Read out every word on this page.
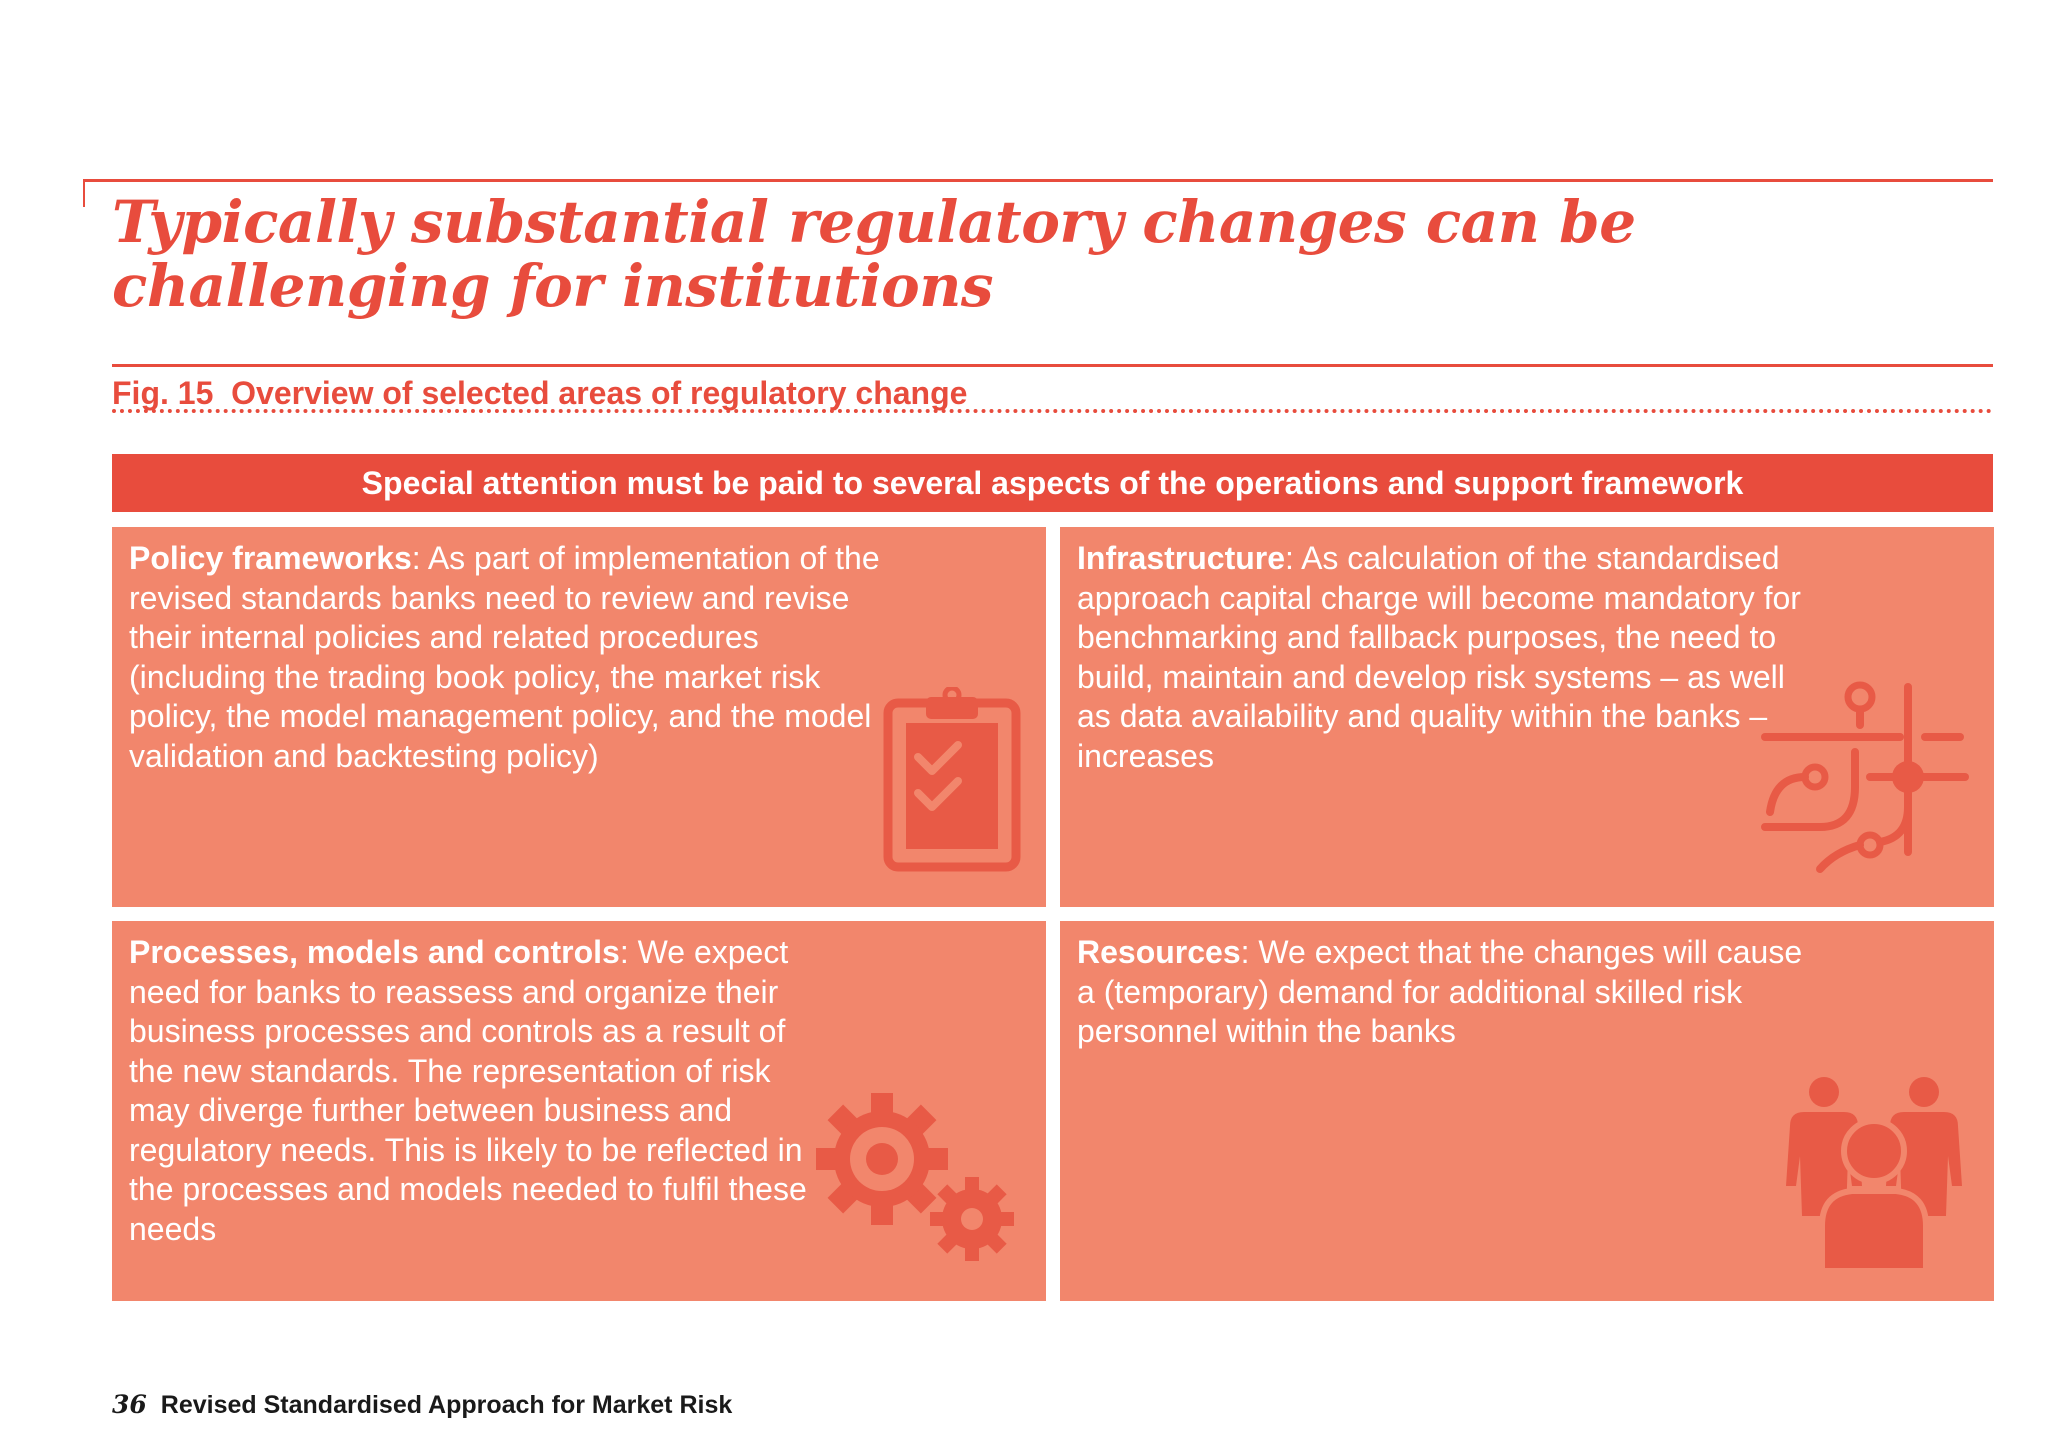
Typically substantial regulatory changes can be challenging for institutions
Fig. 15 Overview of selected areas of regulatory change
Special attention must be paid to several aspects of the operations and support framework

Policy frameworks: As part of implementation of the revised standards banks need to review and revise their internal policies and related procedures (including the trading book policy, the market risk policy, the model management policy, and the model validation and backtesting policy)

Infrastructure: As calculation of the standardised approach capital charge will become mandatory for benchmarking and fallback purposes, the need to build, maintain and develop risk systems – as well as data availability and quality within the banks – increases

Processes, models and controls: We expect need for banks to reassess and organize their business processes and controls as a result of the new standards. The representation of risk may diverge further between business and regulatory needs. This is likely to be reflected in the processes and models needed to fulfil these needs

Resources: We expect that the changes will cause a (temporary) demand for additional skilled risk personnel within the banks

36 Revised Standardised Approach for Market Risk
